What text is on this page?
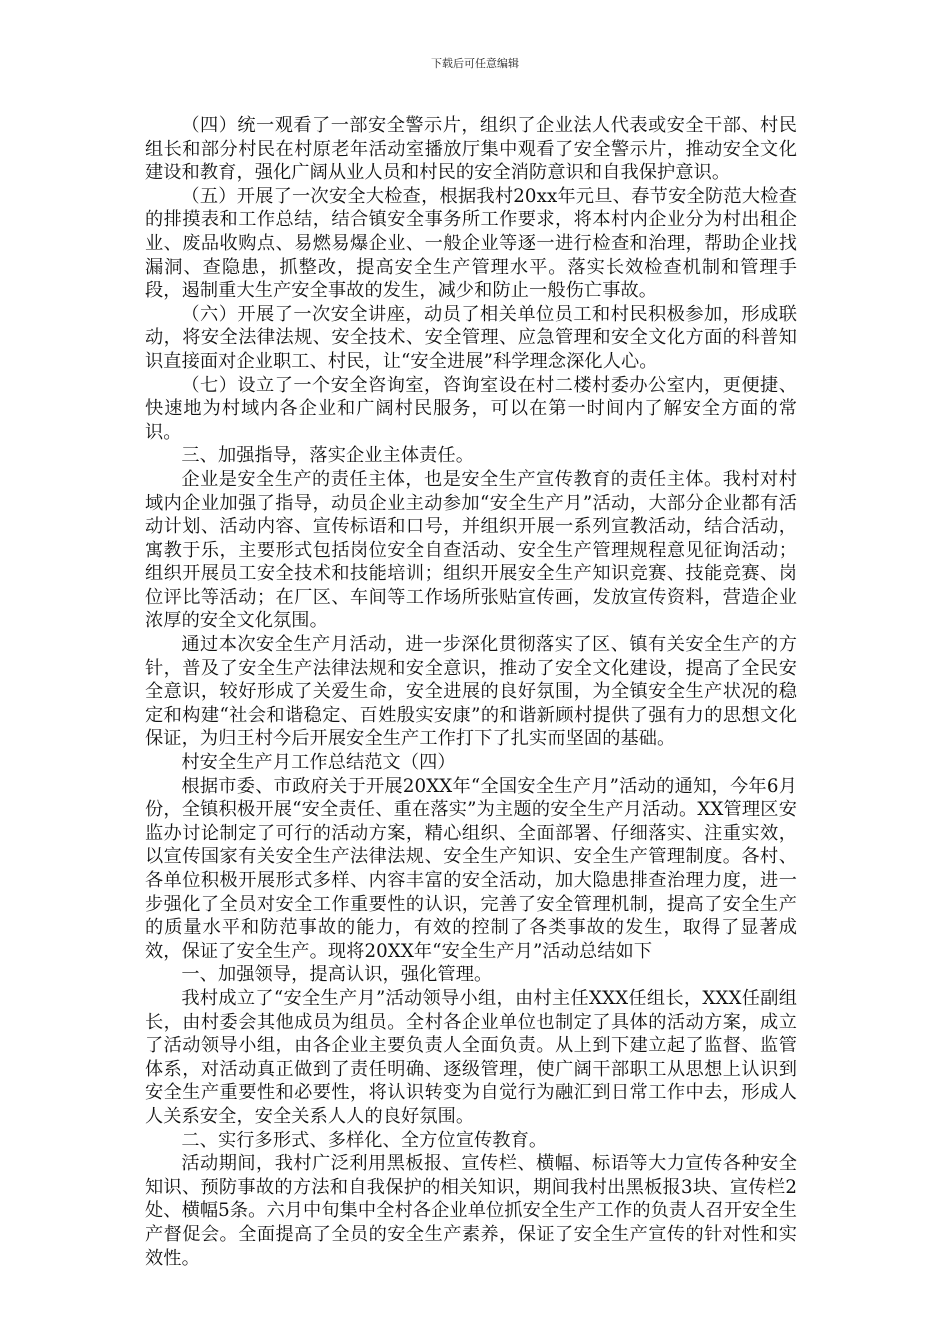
下载后可任意编辑

（四）统一观看了一部安全警示片，组织了企业法人代表或安全干部、村民组长和部分村民在村原老年活动室播放厅集中观看了安全警示片，推动安全文化建设和教育，强化广阔从业人员和村民的安全消防意识和自我保护意识。

（五）开展了一次安全大检查，根据我村20xx年元旦、春节安全防范大检查的排摸表和工作总结，结合镇安全事务所工作要求，将本村内企业分为村出租企业、废品收购点、易燃易爆企业、一般企业等逐一进行检查和治理，帮助企业找漏洞、查隐患，抓整改，提高安全生产管理水平。落实长效检查机制和管理手段，遏制重大生产安全事故的发生，减少和防止一般伤亡事故。

（六）开展了一次安全讲座，动员了相关单位员工和村民积极参加，形成联动，将安全法律法规、安全技术、安全管理、应急管理和安全文化方面的科普知识直接面对企业职工、村民，让“安全进展”科学理念深化人心。

（七）设立了一个安全咨询室，咨询室设在村二楼村委办公室内，更便捷、快速地为村域内各企业和广阔村民服务，可以在第一时间内了解安全方面的常识。

三、加强指导，落实企业主体责任。

企业是安全生产的责任主体，也是安全生产宣传教育的责任主体。我村对村域内企业加强了指导，动员企业主动参加“安全生产月”活动，大部分企业都有活动计划、活动内容、宣传标语和口号，并组织开展一系列宣教活动，结合活动，寓教于乐，主要形式包括岗位安全自查活动、安全生产管理规程意见征询活动；组织开展员工安全技术和技能培训；组织开展安全生产知识竞赛、技能竞赛、岗位评比等活动；在厂区、车间等工作场所张贴宣传画，发放宣传资料，营造企业浓厚的安全文化氛围。

通过本次安全生产月活动，进一步深化贯彻落实了区、镇有关安全生产的方针，普及了安全生产法律法规和安全意识，推动了安全文化建设，提高了全民安全意识，较好形成了关爱生命，安全进展的良好氛围，为全镇安全生产状况的稳定和构建“社会和谐稳定、百姓殷实安康”的和谐新顾村提供了强有力的思想文化保证，为归王村今后开展安全生产工作打下了扎实而坚固的基础。

村安全生产月工作总结范文（四）

根据市委、市政府关于开展20XX年“全国安全生产月”活动的通知，今年6月份，全镇积极开展“安全责任、重在落实”为主题的安全生产月活动。XX管理区安监办讨论制定了可行的活动方案，精心组织、全面部署、仔细落实、注重实效，以宣传国家有关安全生产法律法规、安全生产知识、安全生产管理制度。各村、各单位积极开展形式多样、内容丰富的安全活动，加大隐患排查治理力度，进一步强化了全员对安全工作重要性的认识，完善了安全管理机制，提高了安全生产的质量水平和防范事故的能力，有效的控制了各类事故的发生，取得了显著成效，保证了安全生产。现将20XX年“安全生产月”活动总结如下

一、加强领导，提高认识，强化管理。

我村成立了“安全生产月”活动领导小组，由村主任XXX任组长，XXX任副组长，由村委会其他成员为组员。全村各企业单位也制定了具体的活动方案，成立了活动领导小组，由各企业主要负责人全面负责。从上到下建立起了监督、监管体系，对活动真正做到了责任明确、逐级管理，使广阔干部职工从思想上认识到安全生产重要性和必要性，将认识转变为自觉行为融汇到日常工作中去，形成人人关系安全，安全关系人人的良好氛围。

二、实行多形式、多样化、全方位宣传教育。

活动期间，我村广泛利用黑板报、宣传栏、横幅、标语等大力宣传各种安全知识、预防事故的方法和自我保护的相关知识，期间我村出黑板报3块、宣传栏2处、横幅5条。六月中旬集中全村各企业单位抓安全生产工作的负责人召开安全生产督促会。全面提高了全员的安全生产素养，保证了安全生产宣传的针对性和实效性。
